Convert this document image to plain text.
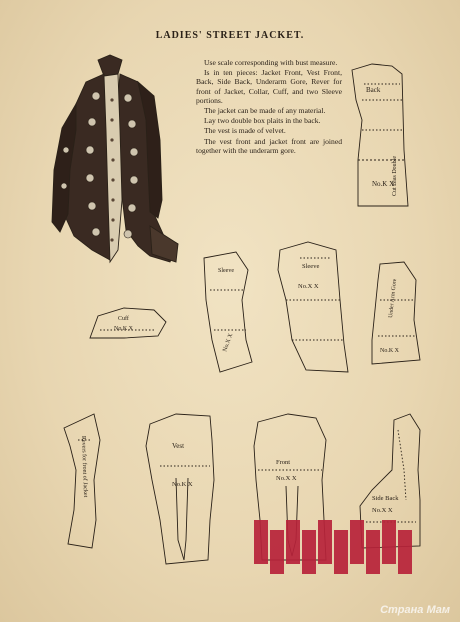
LADIES' STREET JACKET.

Use scale corresponding with bust measure.

Is in ten pieces: Jacket Front, Vest Front, Back, Side Back, Underarm Gore, Rever for front of Jacket, Collar, Cuff, and two Sleeve portions.

The jacket can be made of any material.

Lay two double box plaits in the back.

The vest is made of velvet.

The vest front and jacket front are joined together with the underarm gore.

Back
No.K X
Cut Bias Double
Cuff
No.K X
Sleeve
No.X X
Sleeve
No.X X	Under Arm Gore
No.K X
Revers for front of Jacket	Vest
No.K X
Front
No.X X
Side Back
No.X X
Страна Мам
